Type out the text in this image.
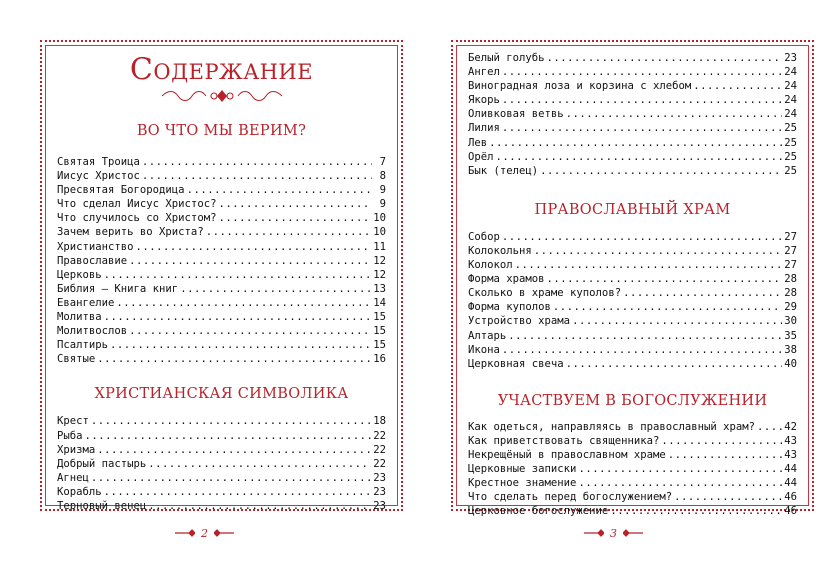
Содержание
ВО ЧТО МЫ ВЕРИМ?
Святая Троица .....	7
Иисус Христос .....	8
Пресвятая Богородица .....	9
Что сделал Иисус Христос? .....	9
Что случилось со Христом? .....	10
Зачем верить во Христа? .....	10
Христианство .....	11
Православие .....	12
Церковь .....	12
Библия — Книга книг .....	13
Евангелие .....	14
Молитва .....	15
Молитвослов .....	15
Псалтирь .....	15
Святые .....	16
ХРИСТИАНСКАЯ СИМВОЛИКА
Крест .....	18
Рыба .....	22
Хризма .....	22
Добрый пастырь .....	22
Агнец .....	23
Корабль .....	23
Терновый венец .....	23
2
Белый голубь .....	23
Ангел .....	24
Виноградная лоза и корзина с хлебом .....	24
Якорь .....	24
Оливковая ветвь .....	24
Лилия .....	25
Лев .....	25
Орёл .....	25
Бык (телец) .....	25
ПРАВОСЛАВНЫЙ ХРАМ
Собор .....	27
Колокольня .....	27
Колокол .....	27
Форма храмов .....	28
Сколько в храме куполов? .....	28
Форма куполов .....	29
Устройство храма .....	30
Алтарь .....	35
Икона .....	38
Церковная свеча .....	40
УЧАСТВУЕМ В БОГОСЛУЖЕНИИ
Как одеться, направляясь в православный храм? .....	42
Как приветствовать священника? .....	43
Некрещёный в православном храме .....	43
Церковные записки .....	44
Крестное знамение .....	44
Что сделать перед богослужением? .....	46
Церковное богослужение .....	46
3
